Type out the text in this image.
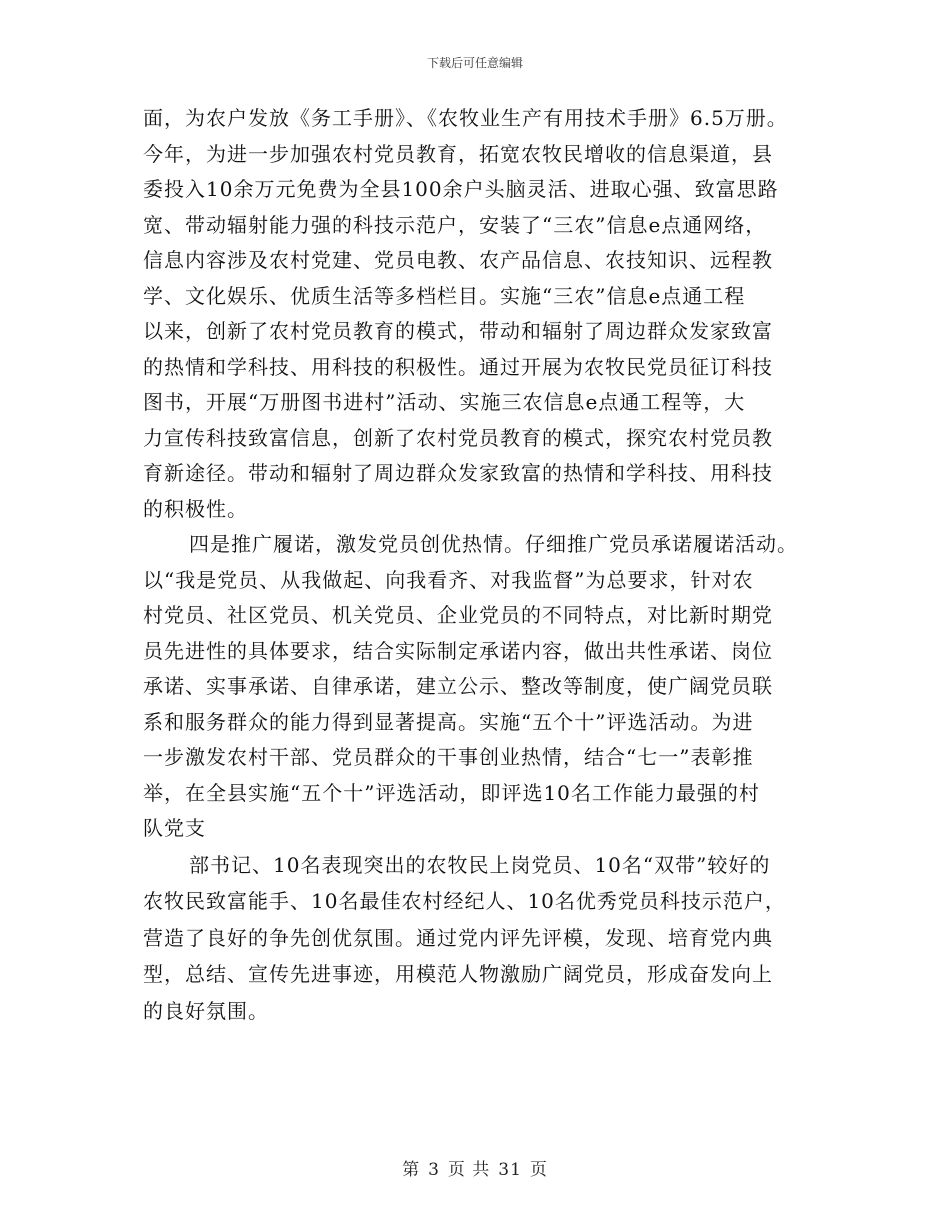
下载后可任意编辑
面，为农户发放《务工手册》、《农牧业生产有用技术手册》6.5万册。
今年，为进一步加强农村党员教育，拓宽农牧民增收的信息渠道，县
委投入10余万元免费为全县100余户头脑灵活、进取心强、致富思路
宽、带动辐射能力强的科技示范户，安装了“三农”信息e点通网络，
信息内容涉及农村党建、党员电教、农产品信息、农技知识、远程教
学、文化娱乐、优质生活等多档栏目。实施“三农”信息e点通工程
以来，创新了农村党员教育的模式，带动和辐射了周边群众发家致富
的热情和学科技、用科技的积极性。通过开展为农牧民党员征订科技
图书，开展“万册图书进村”活动、实施三农信息e点通工程等，大
力宣传科技致富信息，创新了农村党员教育的模式，探究农村党员教
育新途径。带动和辐射了周边群众发家致富的热情和学科技、用科技
的积极性。
四是推广履诺，激发党员创优热情。仔细推广党员承诺履诺活动。
以“我是党员、从我做起、向我看齐、对我监督”为总要求，针对农
村党员、社区党员、机关党员、企业党员的不同特点，对比新时期党
员先进性的具体要求，结合实际制定承诺内容，做出共性承诺、岗位
承诺、实事承诺、自律承诺，建立公示、整改等制度，使广阔党员联
系和服务群众的能力得到显著提高。实施“五个十”评选活动。为进
一步激发农村干部、党员群众的干事创业热情，结合“七一”表彰推
举，在全县实施“五个十”评选活动，即评选10名工作能力最强的村
队党支
部书记、10名表现突出的农牧民上岗党员、10名“双带”较好的
农牧民致富能手、10名最佳农村经纪人、10名优秀党员科技示范户，
营造了良好的争先创优氛围。通过党内评先评模，发现、培育党内典
型，总结、宣传先进事迹，用模范人物激励广阔党员，形成奋发向上
的良好氛围。
第 3 页 共 31 页
